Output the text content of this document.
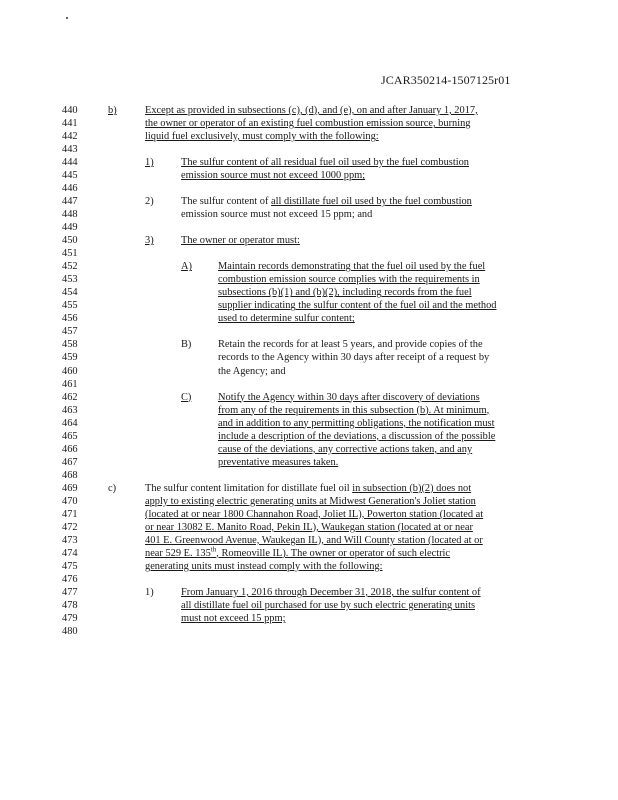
JCAR350214-1507125r01
440	b)	Except as provided in subsections (c), (d), and (e), on and after January 1, 2017,
441	the owner or operator of an existing fuel combustion emission source, burning
442	liquid fuel exclusively, must comply with the following:
443
444	1)	The sulfur content of all residual fuel oil used by the fuel combustion
445	emission source must not exceed 1000 ppm;
446
447	2)	The sulfur content of all distillate fuel oil used by the fuel combustion
448	emission source must not exceed 15 ppm; and
449
450	3)	The owner or operator must:
451
452	A)	Maintain records demonstrating that the fuel oil used by the fuel
453	combustion emission source complies with the requirements in
454	subsections (b)(1) and (b)(2), including records from the fuel
455	supplier indicating the sulfur content of the fuel oil and the method
456	used to determine sulfur content;
457
458	B)	Retain the records for at least 5 years, and provide copies of the
459	records to the Agency within 30 days after receipt of a request by
460	the Agency; and
461
462	C)	Notify the Agency within 30 days after discovery of deviations
463	from any of the requirements in this subsection (b). At minimum,
464	and in addition to any permitting obligations, the notification must
465	include a description of the deviations, a discussion of the possible
466	cause of the deviations, any corrective actions taken, and any
467	preventative measures taken.
468
469	c)	The sulfur content limitation for distillate fuel oil in subsection (b)(2) does not
470	apply to existing electric generating units at Midwest Generation's Joliet station
471	(located at or near 1800 Channahon Road, Joliet IL), Powerton station (located at
472	or near 13082 E. Manito Road, Pekin IL), Waukegan station (located at or near
473	401 E. Greenwood Avenue, Waukegan IL), and Will County station (located at or
474	near 529 E. 135th, Romeoville IL). The owner or operator of such electric
475	generating units must instead comply with the following:
476
477	1)	From January 1, 2016 through December 31, 2018, the sulfur content of
478	all distillate fuel oil purchased for use by such electric generating units
479	must not exceed 15 ppm;
480
